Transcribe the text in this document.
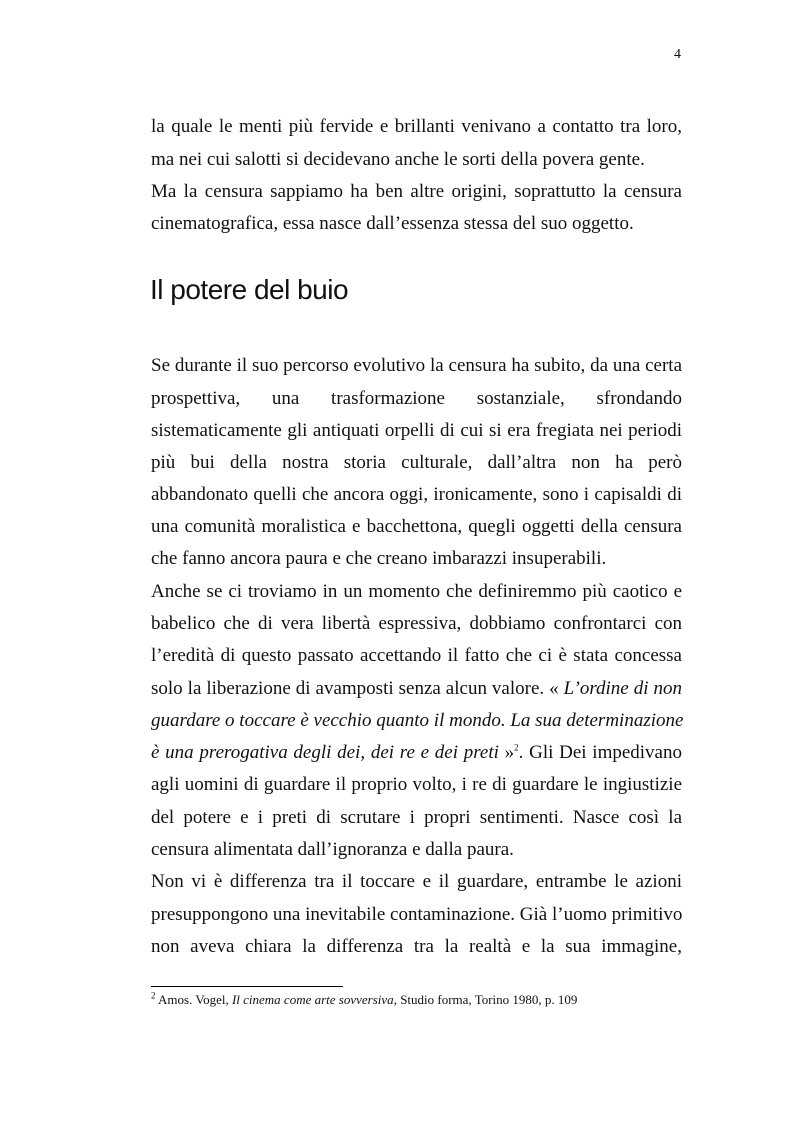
4
la quale le menti più fervide e brillanti venivano a contatto tra loro,
ma nei cui salotti si decidevano anche le sorti della povera gente.
Ma la censura sappiamo ha ben altre origini, soprattutto la censura
cinematografica, essa nasce dall’essenza stessa del suo oggetto.
Il potere del buio
Se durante il suo percorso evolutivo la censura ha subito, da una certa
prospettiva, una trasformazione sostanziale, sfrondando
sistematicamente gli antiquati orpelli di cui si era fregiata nei periodi
più bui della nostra storia culturale, dall’altra non ha però
abbandonato quelli che ancora oggi, ironicamente, sono i capisaldi di
una comunità moralistica e bacchettona, quegli oggetti della censura
che fanno ancora paura e che creano imbarazzi insuperabili.
Anche se ci troviamo in un momento che definiremmo più caotico e
babelico che di vera libertà espressiva, dobbiamo confrontarci con
l’eredità di questo passato accettando il fatto che ci è stata concessa
solo la liberazione di avamposti senza alcun valore. « L’ordine di non
guardare o toccare è vecchio quanto il mondo. La sua determinazione
è una prerogativa degli dei, dei re e dei preti »$^2$. Gli Dei impedivano
agli uomini di guardare il proprio volto, i re di guardare le ingiustizie
del potere e i preti di scrutare i propri sentimenti. Nasce così la
censura alimentata dall’ignoranza e dalla paura.
Non vi è differenza tra il toccare e il guardare, entrambe le azioni
presuppongono una inevitabile contaminazione. Già l’uomo primitivo
non aveva chiara la differenza tra la realtà e la sua immagine,
$^2$ Amos. Vogel, Il cinema come arte sovversiva, Studio forma, Torino 1980, p. 109
